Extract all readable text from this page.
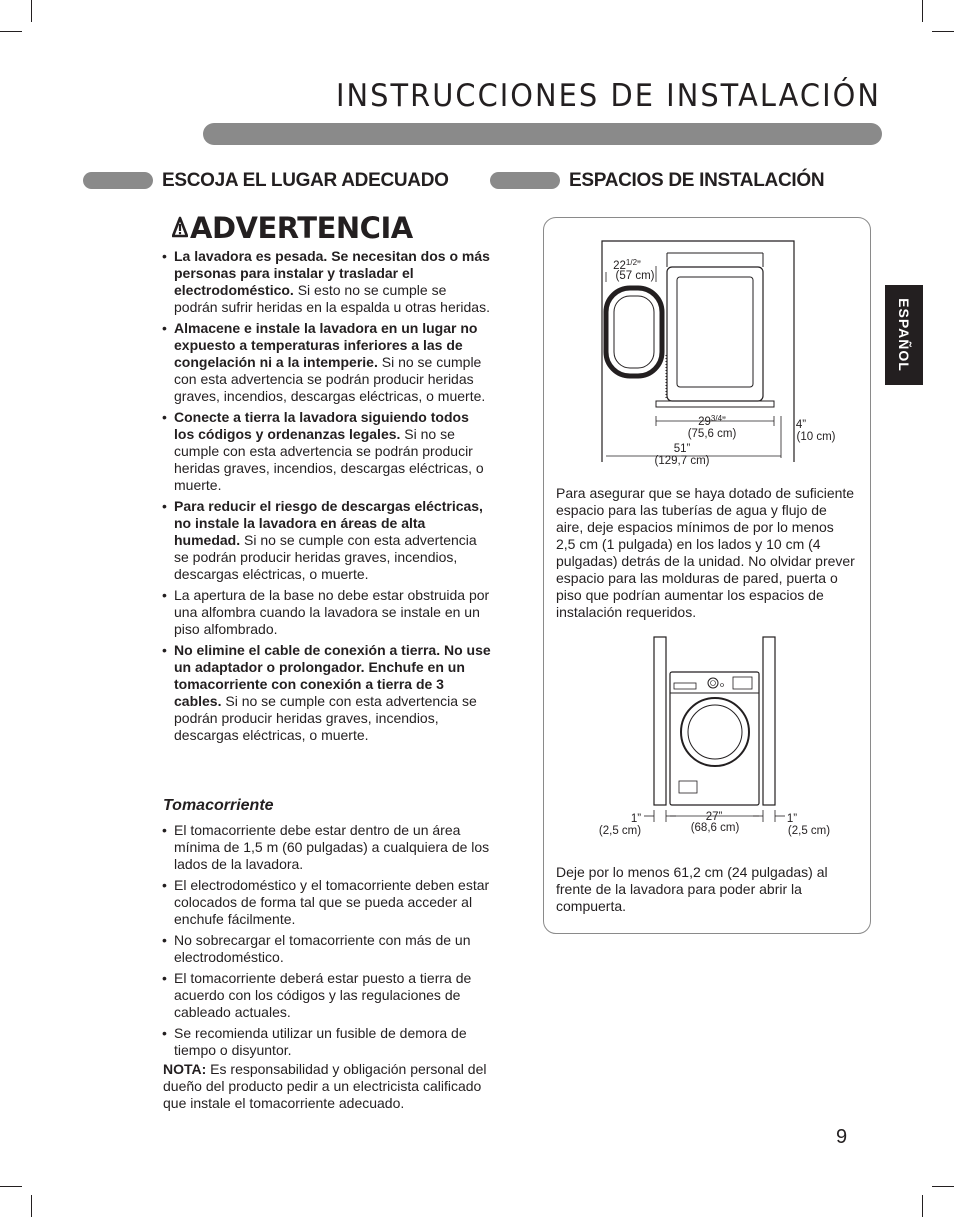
INSTRUCCIONES DE INSTALACIÓN
ESCOJA EL LUGAR ADECUADO	ESPACIOS DE INSTALACIÓN
ADVERTENCIA
• La lavadora es pesada. Se necesitan dos o más personas para instalar y trasladar el electrodoméstico. Si esto no se cumple se podrán sufrir heridas en la espalda u otras heridas.
• Almacene e instale la lavadora en un lugar no expuesto a temperaturas inferiores a las de congelación ni a la intemperie. Si no se cumple con esta advertencia se podrán producir heridas graves, incendios, descargas eléctricas, o muerte.
• Conecte a tierra la lavadora siguiendo todos los códigos y ordenanzas legales. Si no se cumple con esta advertencia se podrán producir heridas graves, incendios, descargas eléctricas, o muerte.
• Para reducir el riesgo de descargas eléctricas, no instale la lavadora en áreas de alta humedad. Si no se cumple con esta advertencia se podrán producir heridas graves, incendios, descargas eléctricas, o muerte.
• La apertura de la base no debe estar obstruida por una alfombra cuando la lavadora se instale en un piso alfombrado.
• No elimine el cable de conexión a tierra. No use un adaptador o prolongador. Enchufe en un tomacorriente con conexión a tierra de 3 cables. Si no se cumple con esta advertencia se podrán producir heridas graves, incendios, descargas eléctricas, o muerte.
Tomacorriente
• El tomacorriente debe estar dentro de un área mínima de 1,5 m (60 pulgadas) a cualquiera de los lados de la lavadora.
• El electrodoméstico y el tomacorriente deben estar colocados de forma tal que se pueda acceder al enchufe fácilmente.
• No sobrecargar el tomacorriente con más de un electrodoméstico.
• El tomacorriente deberá estar puesto a tierra de acuerdo con los códigos y las regulaciones de cableado actuales.
• Se recomienda utilizar un fusible de demora de tiempo o disyuntor.
NOTA: Es responsabilidad y obligación personal del dueño del producto pedir a un electricista calificado que instale el tomacorriente adecuado.
$22^{1/2}$”
(57 cm)
$29^{3/4}$”
(75,6 cm)
51”
(129,7 cm)
4”
(10 cm)
Para asegurar que se haya dotado de suficiente espacio para las tuberías de agua y flujo de aire, deje espacios mínimos de por lo menos 2,5 cm (1 pulgada) en los lados y 10 cm (4 pulgadas) detrás de la unidad. No olvidar prever espacio para las molduras de pared, puerta o piso que podrían aumentar los espacios de instalación requeridos.
1”
(2,5 cm)
27”
(68,6 cm)
1”
(2,5 cm)
Deje por lo menos 61,2 cm (24 pulgadas) al frente de la lavadora para poder abrir la compuerta.
ESPAÑOL
9
